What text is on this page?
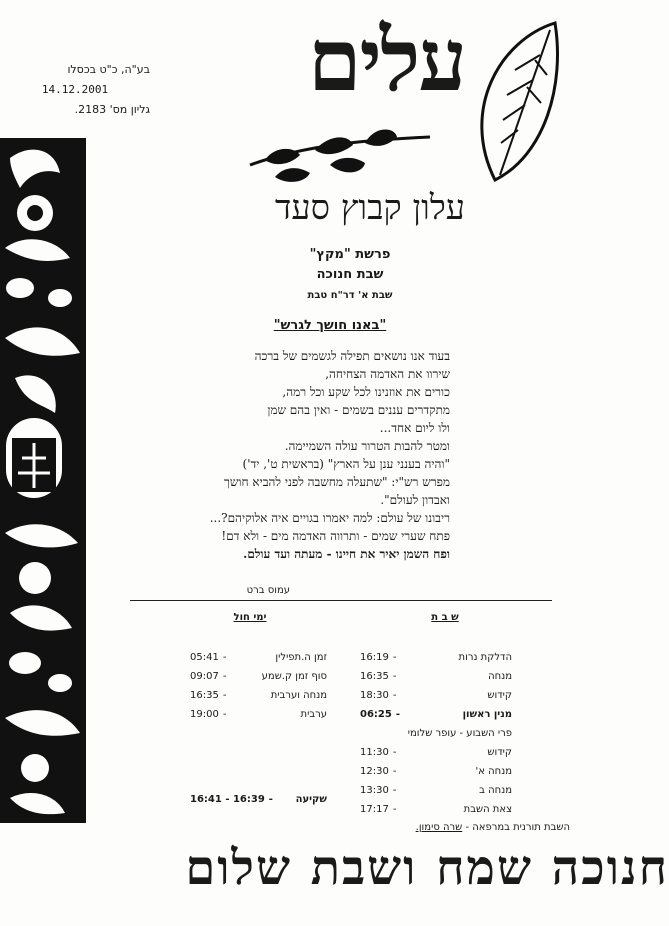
בע"ה, כ"ט בכסלו
14.12.2001
גליון מס' 2183.	עלים
עלון קבוץ סעד
פרשת "מקץ"
שבת חנוכה
שבת א' דר"ח טבת
"באנו חושך לגרש"
בעוד אנו נושאים תפילה לגשמים של ברכה
שירוו את האדמה הצחיחה,
כורים את אוזנינו לכל שקע וכל רמה,
מתקדרים עננים בשמים - ואין בהם שמן
ולו ליום אחד...
ומטר להבות הטרור עולה השמיימה.
"והיה בענני ענן על הארץ" (בראשית ט', יד')
מפרש רש"י: "שתעלה מחשבה לפני להביא חושך
ואבדון לעולם".
ריבונו של עולם: למה יאמרו בגויים איה אלוקיהם?...
פתח שערי שמים - ותרווה האדמה מים - ולא דם!
ופח השמן יאיר את חיינו - מעתה ועד עולם.
עמוס ברט
ש ב ת
ימי חול
הדלקת נרות
-
16:19
מנחה
-
16:35
קידוש
-
18:30
מנין ראשון
-
06:25
פרי השבוע - עופר שלומי
קידוש
-
11:30
מנחה א'
-
12:30
מנחה ב
-
13:30
צאת השבת
-
17:17
זמן ה.תפילין
-
05:41
סוף זמן ק.שמע
-
09:07
מנחה וערבית
-
16:35
ערבית
-
19:00
שקיעה
-
16:41 - 16:39
השבת תורנית במרפאה - שרה סימון.
חנוכה שמח ושבת שלום
